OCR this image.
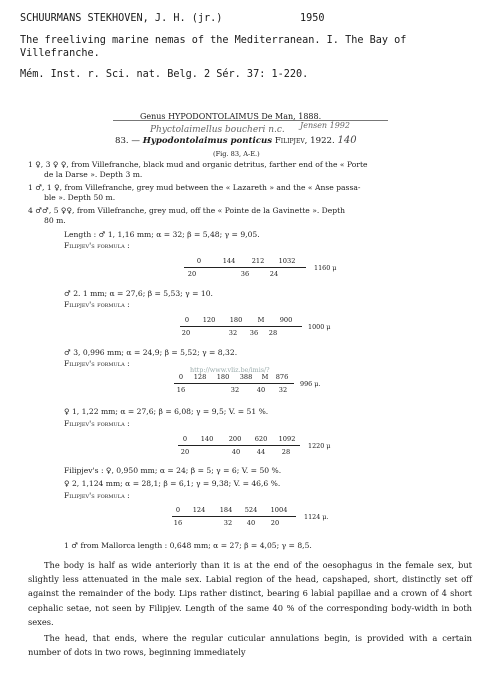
SCHUURMANS STEKHOVEN, J. H. (jr.)	1950
The freeliving marine nemas of the Mediterranean. I. The Bay of
Villefranche.
Mém. Inst. r. Sci. nat. Belg. 2 Sér. 37: 1-220.
Genus HYPODONTOLAIMUS De Man, 1888.
Phyctolaimellus boucheri n.c. Jensen 1992
83. — Hypodontolaimus ponticus Filipjev, 1922. 140
(Fig. 83, A-E.)
1 ♀, 3 ♀ ♀, from Villefranche, black mud and organic detritus, farther end of the « Porte
de la Darse ». Depth 3 m.
1 ♂, 1 ♀, from Villefranche, grey mud between the « Lazareth » and the « Anse passa-
ble ». Depth 50 m.
4 ♂♂, 5 ♀♀, from Villefranche, grey mud, off the « Pointe de la Gavinette ». Depth
80 m.
Length : ♂ 1, 1,16 mm; α = 32; β = 5,48; γ = 9,05.
Filipjev's formula :
0	144	212	1032
20	36	24
1160 μ
♂ 2. 1 mm; α = 27,6; β = 5,53; γ = 10.
Filipjev's formula :
0	120	180	M	900
20	32	36	28
1000 μ
♂ 3, 0,996 mm; α = 24,9; β = 5,52; γ = 8,32.
Filipjev's formula :
0	128	180	388	M	876
16	32	40	32
996 μ.
http://www.vliz.be/imis/?
♀ 1, 1,22 mm; α = 27,6; β = 6,08; γ = 9,5; V. = 51 %.
Filipjev's formula :
0	140	200	620	1092
20	40	44	28
1220 μ
Filipjev's : ♀, 0,950 mm; α = 24; β = 5; γ = 6; V. = 50 %.
♀ 2, 1,124 mm; α = 28,1; β = 6,1; γ = 9,38; V. = 46,6 %.
Filipjev's formula :
0	124	184	524	1004
16	32	40	20
1124 μ.
1 ♂ from Mallorca length : 0,648 mm; α = 27; β = 4,05; γ = 8,5.

The body is half as wide anteriorly than it is at the end of the oesophagus in the female sex, but slightly less attenuated in the male sex. Labial region of the head, capshaped, short, distinctly set off against the remainder of the body. Lips rather distinct, bearing 6 labial papillae and a crown of 4 short cephalic setae, not seen by Filipjev. Length of the same 40 % of the corresponding body-width in both sexes.

The head, that ends, where the regular cuticular annulations begin, is provided with a certain number of dots in two rows, beginning immediately
